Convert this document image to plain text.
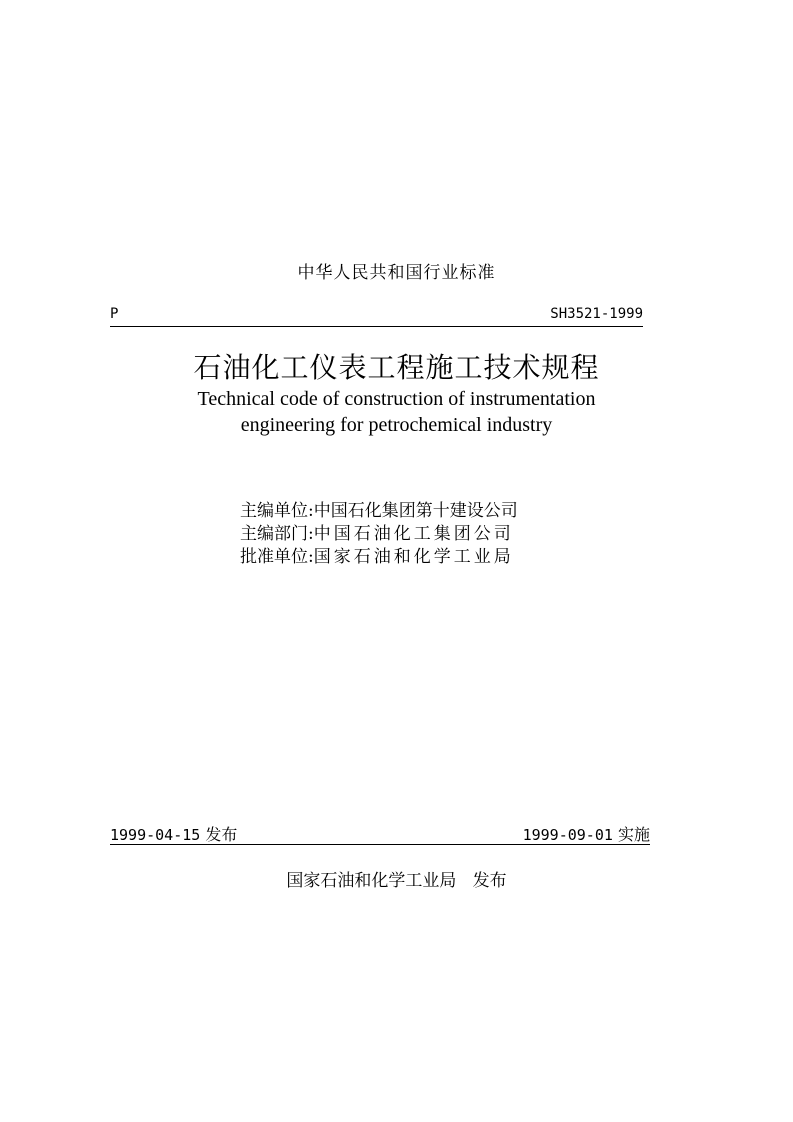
中华人民共和国行业标准
P	SH3521-1999
石油化工仪表工程施工技术规程
Technical code of construction of instrumentation
engineering for petrochemical industry
主编单位:中国石化集团第十建设公司
主编部门:中国石油化工集团公司
批准单位:国家石油和化学工业局
1999-04-15 发布	1999-09-01 实施
国家石油和化学工业局 发布
